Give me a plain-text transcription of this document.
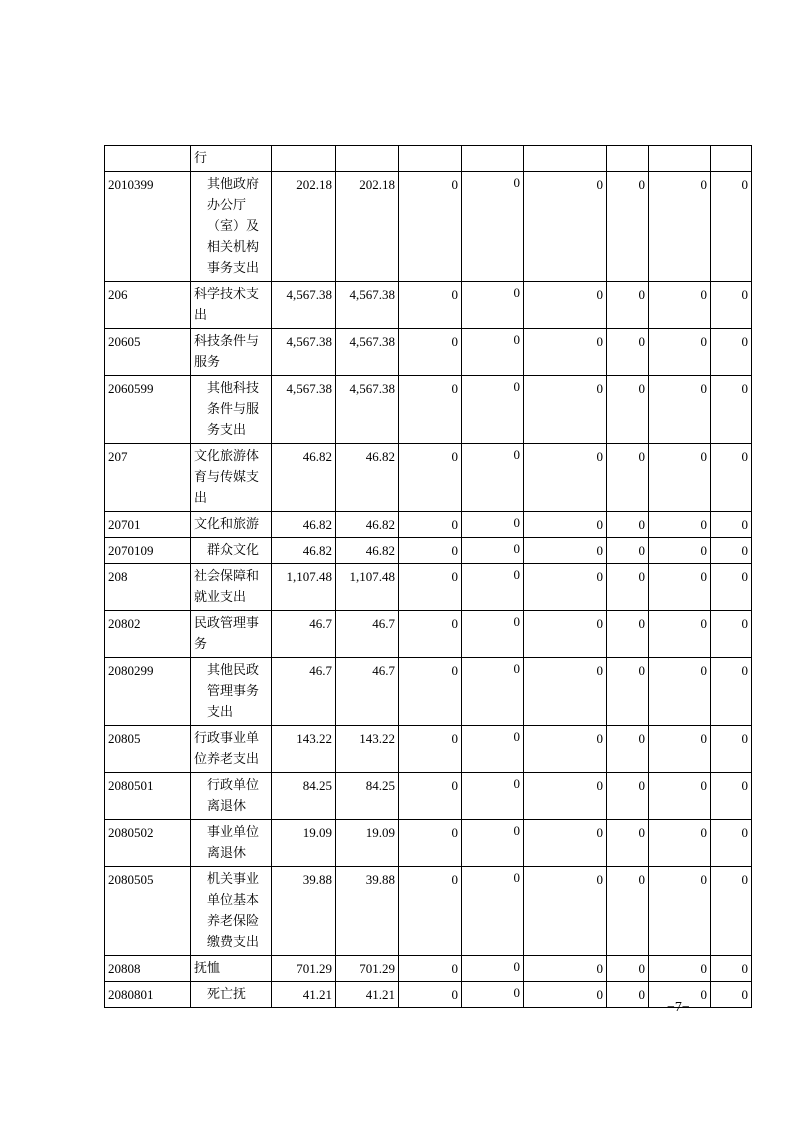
	行								
2010399	其他政府办公厅（室）及相关机构事务支出	202.18	202.18	0	0	0	0	0	0
206	科学技术支出	4,567.38	4,567.38	0	0	0	0	0	0
20605	科技条件与服务	4,567.38	4,567.38	0	0	0	0	0	0
2060599	其他科技条件与服务支出	4,567.38	4,567.38	0	0	0	0	0	0
207	文化旅游体育与传媒支出	46.82	46.82	0	0	0	0	0	0
20701	文化和旅游	46.82	46.82	0	0	0	0	0	0
2070109	群众文化	46.82	46.82	0	0	0	0	0	0
208	社会保障和就业支出	1,107.48	1,107.48	0	0	0	0	0	0
20802	民政管理事务	46.7	46.7	0	0	0	0	0	0
2080299	其他民政管理事务支出	46.7	46.7	0	0	0	0	0	0
20805	行政事业单位养老支出	143.22	143.22	0	0	0	0	0	0
2080501	行政单位离退休	84.25	84.25	0	0	0	0	0	0
2080502	事业单位离退休	19.09	19.09	0	0	0	0	0	0
2080505	机关事业单位基本养老保险缴费支出	39.88	39.88	0	0	0	0	0	0
20808	抚恤	701.29	701.29	0	0	0	0	0	0
2080801	死亡抚	41.21	41.21	0	0	0	0	0	0
−7−
